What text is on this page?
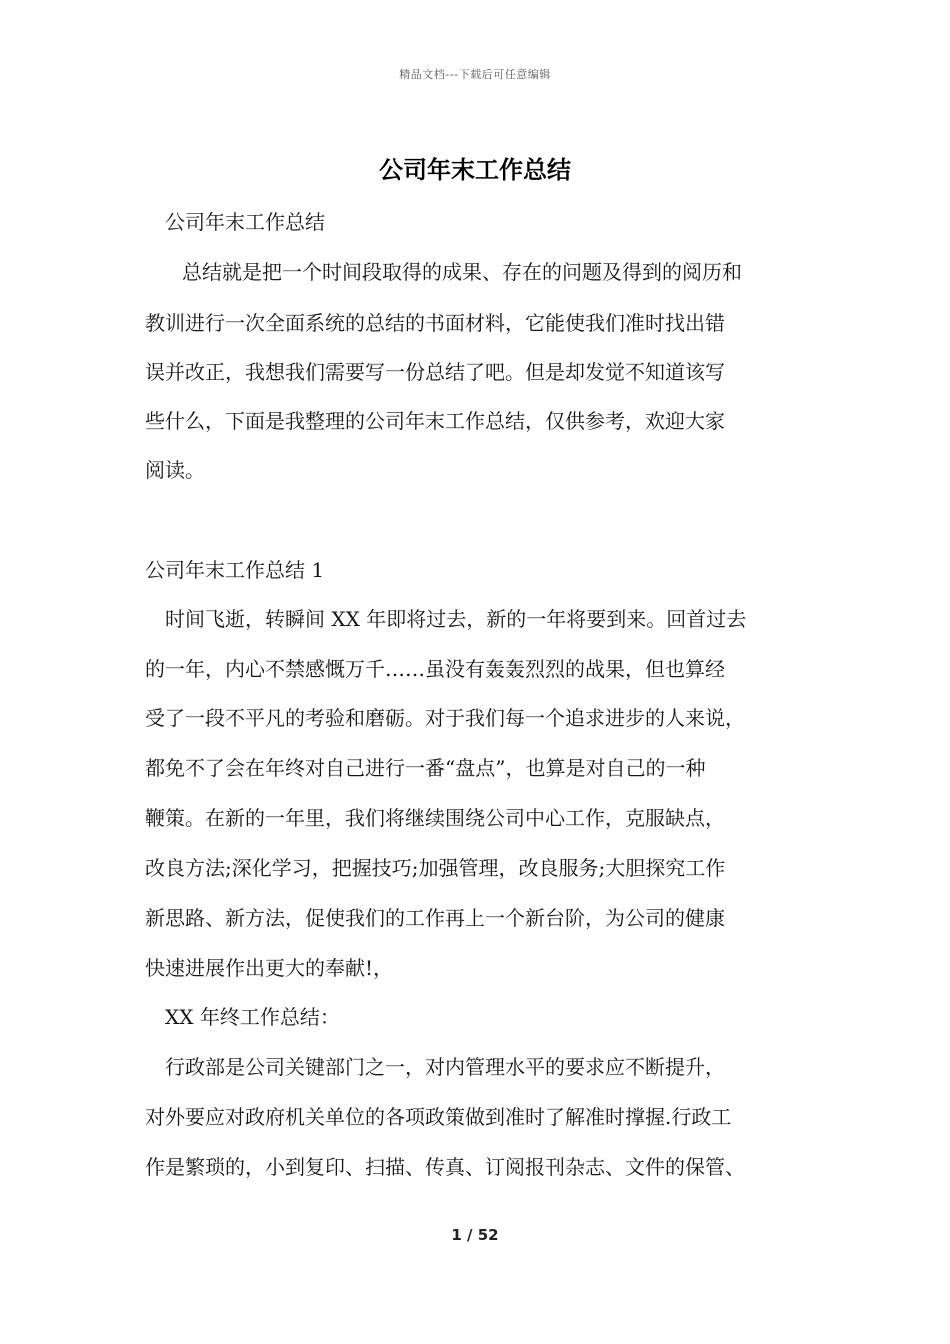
精品文档---下载后可任意编辑
公司年末工作总结
公司年末工作总结
总结就是把一个时间段取得的成果、存在的问题及得到的阅历和
教训进行一次全面系统的总结的书面材料，它能使我们准时找出错
误并改正，我想我们需要写一份总结了吧。但是却发觉不知道该写
些什么，下面是我整理的公司年末工作总结，仅供参考，欢迎大家
阅读。
公司年末工作总结 1
时间飞逝，转瞬间 XX 年即将过去，新的一年将要到来。回首过去
的一年，内心不禁感慨万千……虽没有轰轰烈烈的战果，但也算经
受了一段不平凡的考验和磨砺。对于我们每一个追求进步的人来说，
都免不了会在年终对自己进行一番“盘点”，也算是对自己的一种
鞭策。在新的一年里，我们将继续围绕公司中心工作，克服缺点，
改良方法;深化学习，把握技巧;加强管理，改良服务;大胆探究工作
新思路、新方法，促使我们的工作再上一个新台阶，为公司的健康
快速进展作出更大的奉献!，
XX 年终工作总结：
行政部是公司关键部门之一，对内管理水平的要求应不断提升，
对外要应对政府机关单位的各项政策做到准时了解准时撑握.行政工
作是繁琐的，小到复印、扫描、传真、订阅报刊杂志、文件的保管、
1 / 52
